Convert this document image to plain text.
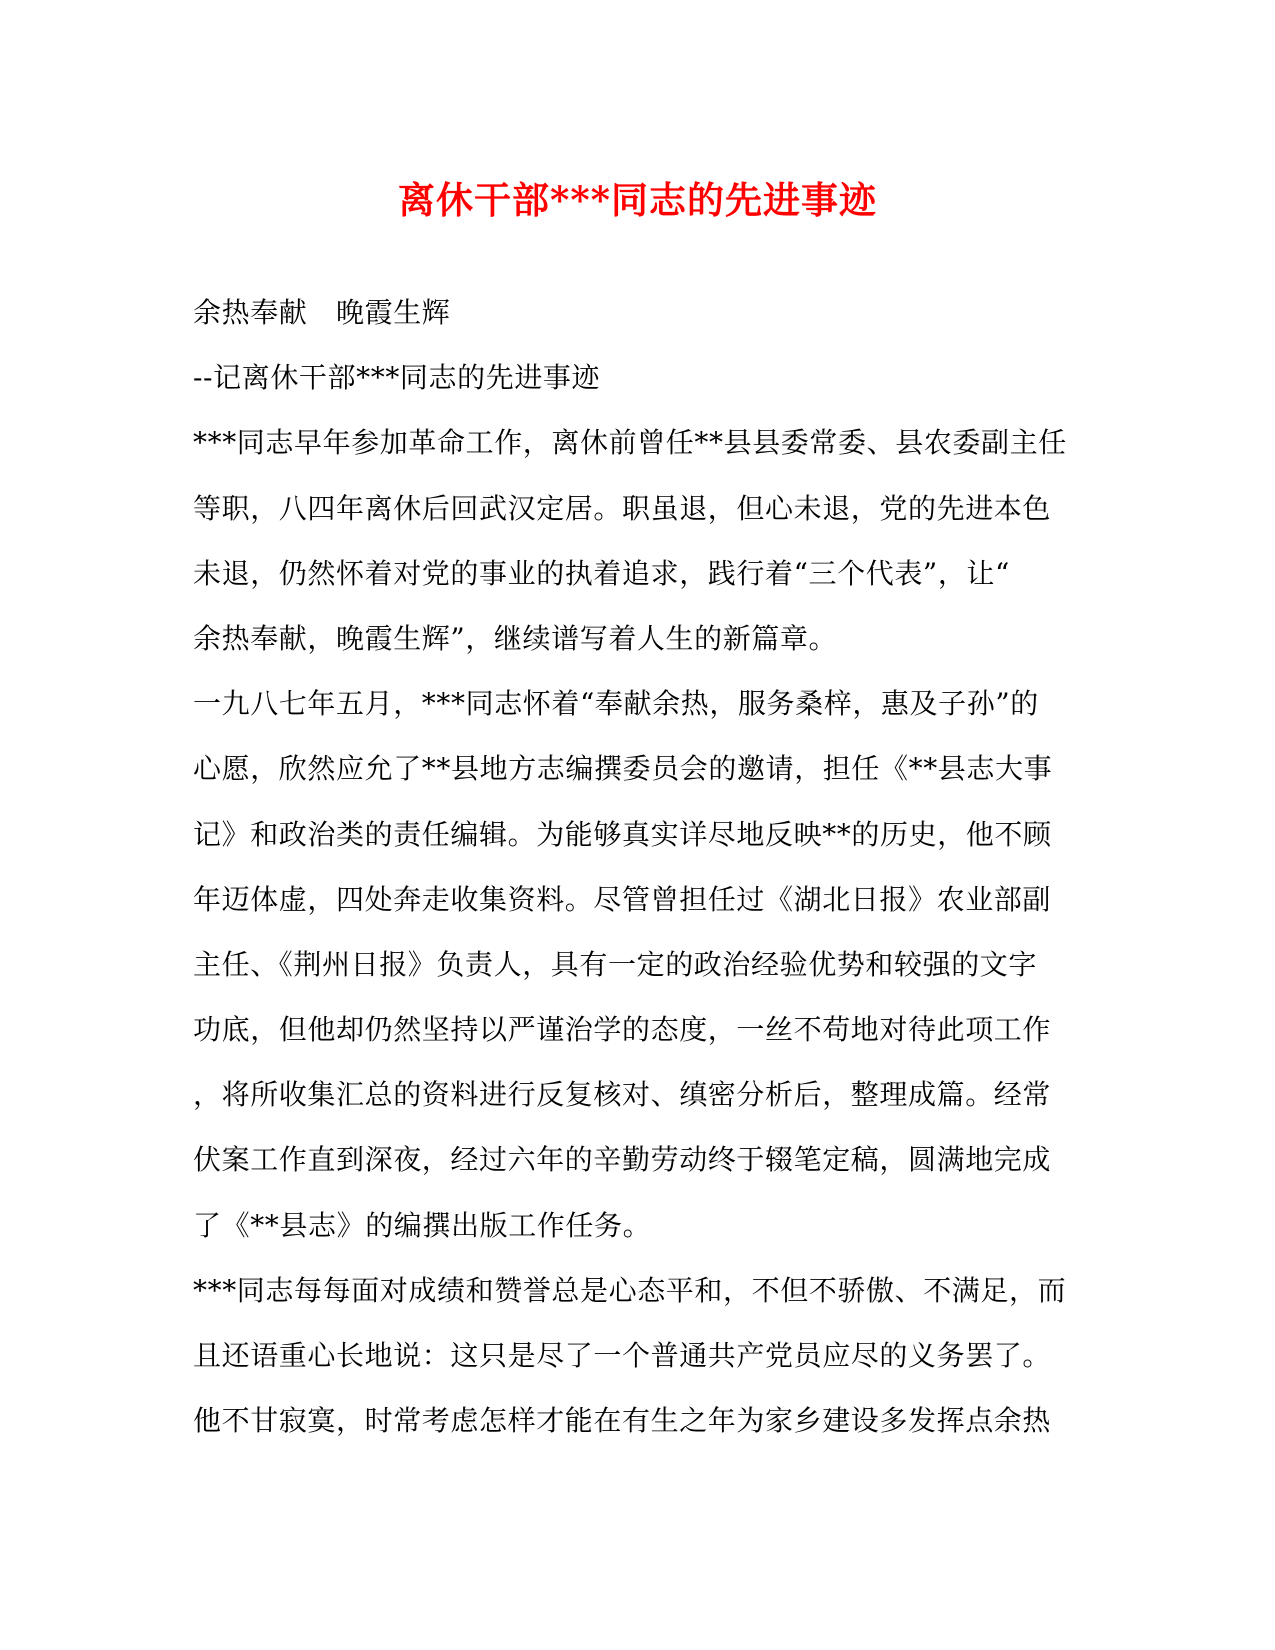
离休干部***同志的先进事迹
余热奉献　晚霞生辉
--记离休干部***同志的先进事迹
***同志早年参加革命工作，离休前曾任**县县委常委、县农委副主任
等职，八四年离休后回武汉定居。职虽退，但心未退，党的先进本色
未退，仍然怀着对党的事业的执着追求，践行着“三个代表”，让“
余热奉献，晚霞生辉”，继续谱写着人生的新篇章。
一九八七年五月，***同志怀着“奉献余热，服务桑梓，惠及子孙”的
心愿，欣然应允了**县地方志编撰委员会的邀请，担任《**县志大事
记》和政治类的责任编辑。为能够真实详尽地反映**的历史，他不顾
年迈体虚，四处奔走收集资料。尽管曾担任过《湖北日报》农业部副
主任、《荆州日报》负责人，具有一定的政治经验优势和较强的文字
功底，但他却仍然坚持以严谨治学的态度，一丝不苟地对待此项工作
，将所收集汇总的资料进行反复核对、缜密分析后，整理成篇。经常
伏案工作直到深夜，经过六年的辛勤劳动终于辍笔定稿，圆满地完成
了《**县志》的编撰出版工作任务。
***同志每每面对成绩和赞誉总是心态平和，不但不骄傲、不满足，而
且还语重心长地说：这只是尽了一个普通共产党员应尽的义务罢了。
他不甘寂寞，时常考虑怎样才能在有生之年为家乡建设多发挥点余热
